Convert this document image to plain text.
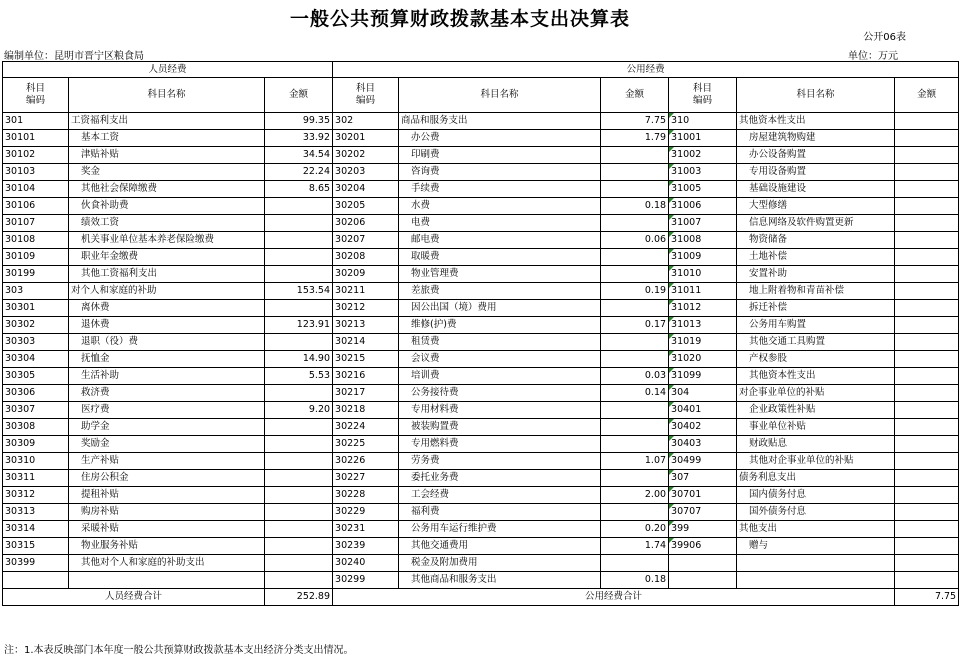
一般公共预算财政拨款基本支出决算表
公开06表
编制单位：昆明市晋宁区粮食局	单位：万元
人员经费			公用经费					
科目
编码	科目名称	金额	科目
编码	科目名称	金额	科目
编码	科目名称	金额
301	工资福利支出	99.35	302	商品和服务支出	7.75	310	其他资本性支出	
30101	基本工资	33.92	30201	办公费	1.79	31001	房屋建筑物购建	
30102	津贴补贴	34.54	30202	印刷费		31002	办公设备购置	
30103	奖金	22.24	30203	咨询费		31003	专用设备购置	
30104	其他社会保障缴费	8.65	30204	手续费		31005	基础设施建设	
30106	伙食补助费		30205	水费	0.18	31006	大型修缮	
30107	绩效工资		30206	电费		31007	信息网络及软件购置更新	
30108	机关事业单位基本养老保险缴费		30207	邮电费	0.06	31008	物资储备	
30109	职业年金缴费		30208	取暖费		31009	土地补偿	
30199	其他工资福利支出		30209	物业管理费		31010	安置补助	
303	对个人和家庭的补助	153.54	30211	差旅费	0.19	31011	地上附着物和青苗补偿	
30301	离休费		30212	因公出国（境）费用		31012	拆迁补偿	
30302	退休费	123.91	30213	维修(护)费	0.17	31013	公务用车购置	
30303	退职（役）费		30214	租赁费		31019	其他交通工具购置	
30304	抚恤金	14.90	30215	会议费		31020	产权参股	
30305	生活补助	5.53	30216	培训费	0.03	31099	其他资本性支出	
30306	救济费		30217	公务接待费	0.14	304	对企事业单位的补贴	
30307	医疗费	9.20	30218	专用材料费		30401	企业政策性补贴	
30308	助学金		30224	被装购置费		30402	事业单位补贴	
30309	奖励金		30225	专用燃料费		30403	财政贴息	
30310	生产补贴		30226	劳务费	1.07	30499	其他对企事业单位的补贴	
30311	住房公积金		30227	委托业务费		307	债务利息支出	
30312	提租补贴		30228	工会经费	2.00	30701	国内债务付息	
30313	购房补贴		30229	福利费		30707	国外债务付息	
30314	采暖补贴		30231	公务用车运行维护费	0.20	399	其他支出	
30315	物业服务补贴		30239	其他交通费用	1.74	39906	赠与	
30399	其他对个人和家庭的补助支出		30240	税金及附加费用				
			30299	其他商品和服务支出	0.18			
人员经费合计		252.89	公用经费合计					7.75
注：1.本表反映部门本年度一般公共预算财政拨款基本支出经济分类支出情况。
